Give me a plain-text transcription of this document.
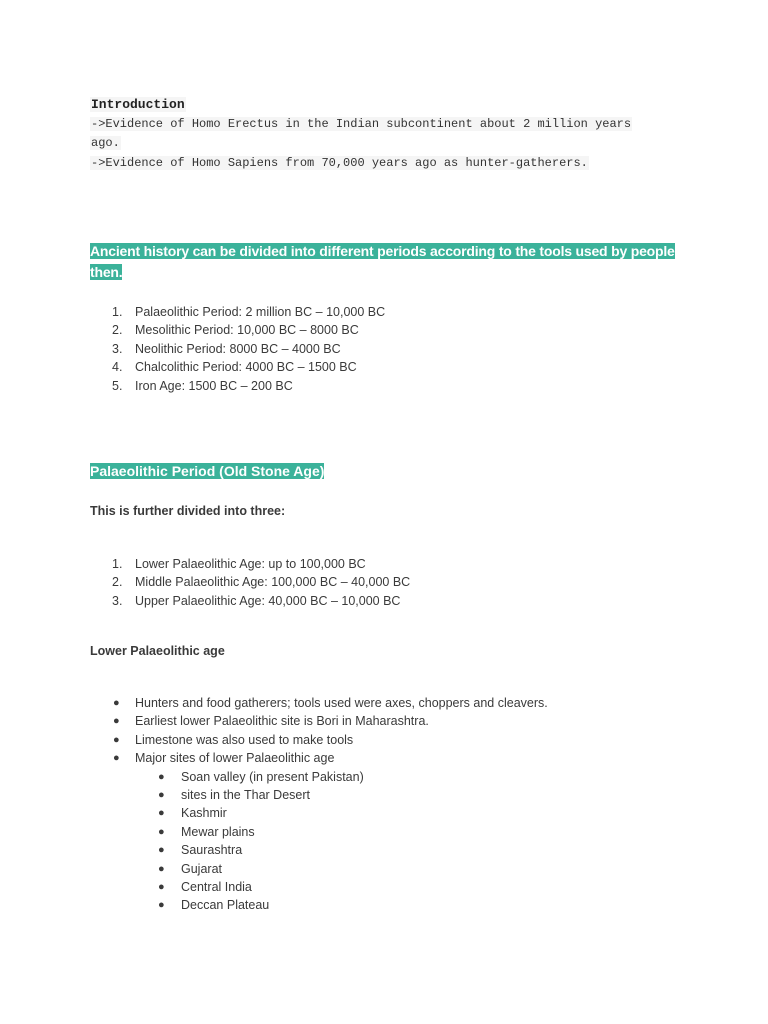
Introduction
->Evidence of Homo Erectus in the Indian subcontinent about 2 million years
ago.
->Evidence of Homo Sapiens from 70,000 years ago as hunter-gatherers.
Ancient history can be divided into different periods according to the tools used by people then.
1.	Palaeolithic Period: 2 million BC – 10,000 BC
2.	Mesolithic Period: 10,000 BC – 8000 BC
3.	Neolithic Period: 8000 BC – 4000 BC
4.	Chalcolithic Period: 4000 BC – 1500 BC
5.	Iron Age: 1500 BC – 200 BC
Palaeolithic Period (Old Stone Age)
This is further divided into three:
1.	Lower Palaeolithic Age: up to 100,000 BC
2.	Middle Palaeolithic Age: 100,000 BC – 40,000 BC
3.	Upper Palaeolithic Age: 40,000 BC – 10,000 BC
Lower Palaeolithic age
● Hunters and food gatherers; tools used were axes, choppers and cleavers.
● Earliest lower Palaeolithic site is Bori in Maharashtra.
● Limestone was also used to make tools
● Major sites of lower Palaeolithic age
● Soan valley (in present Pakistan)
● sites in the Thar Desert
● Kashmir
● Mewar plains
● Saurashtra
● Gujarat
● Central India
● Deccan Plateau
